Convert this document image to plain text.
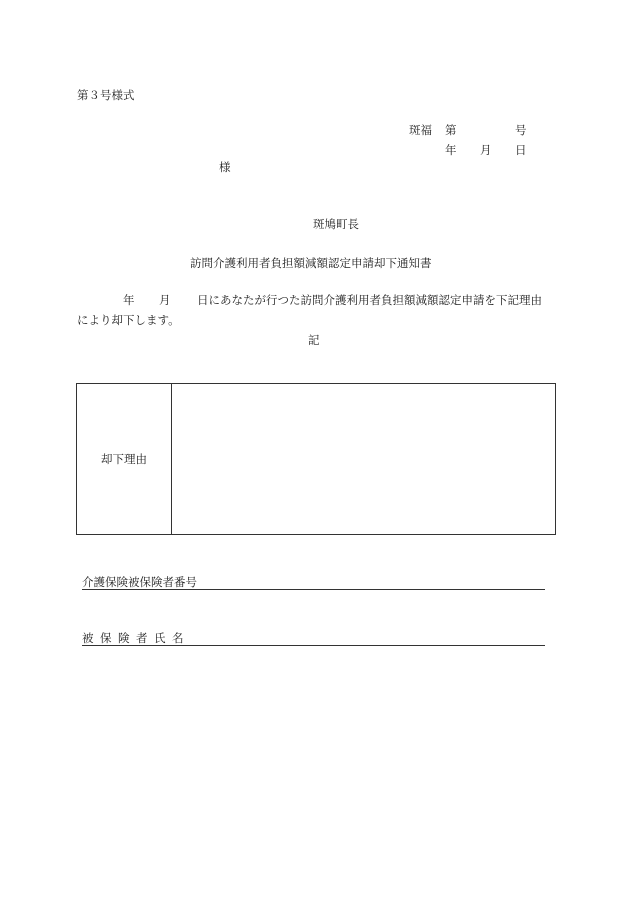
第３号様式
斑福 第	号
年 月 日
様
斑鳩町長
訪問介護利用者負担額減額認定申請却下通知書
年 月 日にあなたが行つた訪問介護利用者負担額減額認定申請を下記理由
により却下します。
記
却下理由
介護保険被保険者番号
被保険者氏名
